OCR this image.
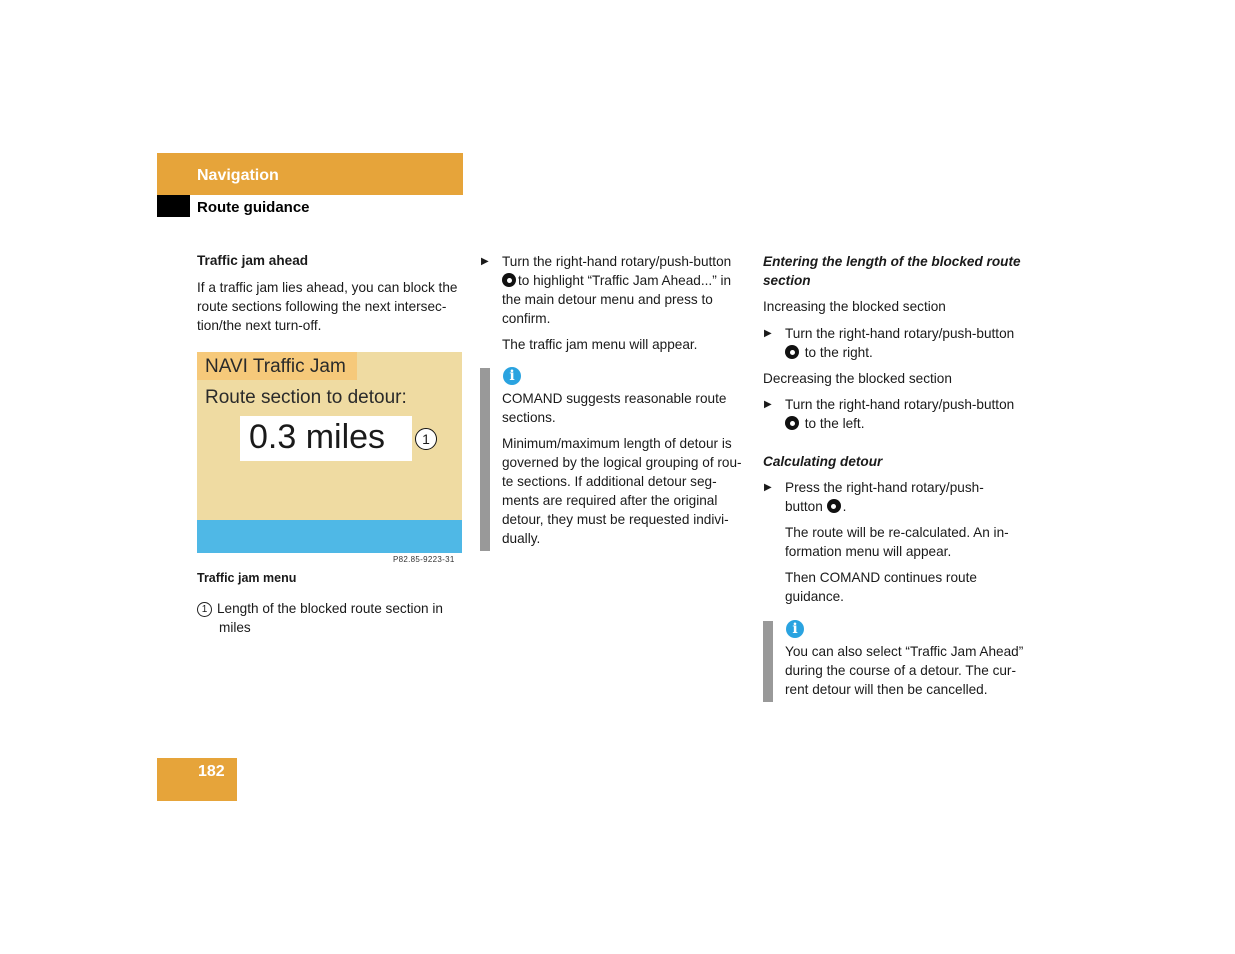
Navigation
Route guidance
Traffic jam ahead

If a traffic jam lies ahead, you can block the

route sections following the next intersec-

tion/the next turn-off.

NAVI Traffic Jam
Route section to detour:
0.3 miles	1
P82.85-9223-31
Traffic jam menu

1 Length of the blocked route section in

miles

▶ Turn the right-hand rotary/push-button

to highlight “Traffic Jam Ahead...” in

the main detour menu and press to

confirm.

The traffic jam menu will appear.
i

COMAND suggests reasonable route

sections.

Minimum/maximum length of detour is

governed by the logical grouping of rou-

te sections. If additional detour seg-

ments are required after the original

detour, they must be requested indivi-

dually.

Entering the length of the blocked route

section

Increasing the blocked section
▶ Turn the right-hand rotary/push-button

to the right.

Decreasing the blocked section
▶ Turn the right-hand rotary/push-button

to the left.

Calculating detour
▶ Press the right-hand rotary/push-

button .

The route will be re-calculated. An in-

formation menu will appear.

Then COMAND continues route

guidance.

i

You can also select “Traffic Jam Ahead”

during the course of a detour. The cur-

rent detour will then be cancelled.

182
